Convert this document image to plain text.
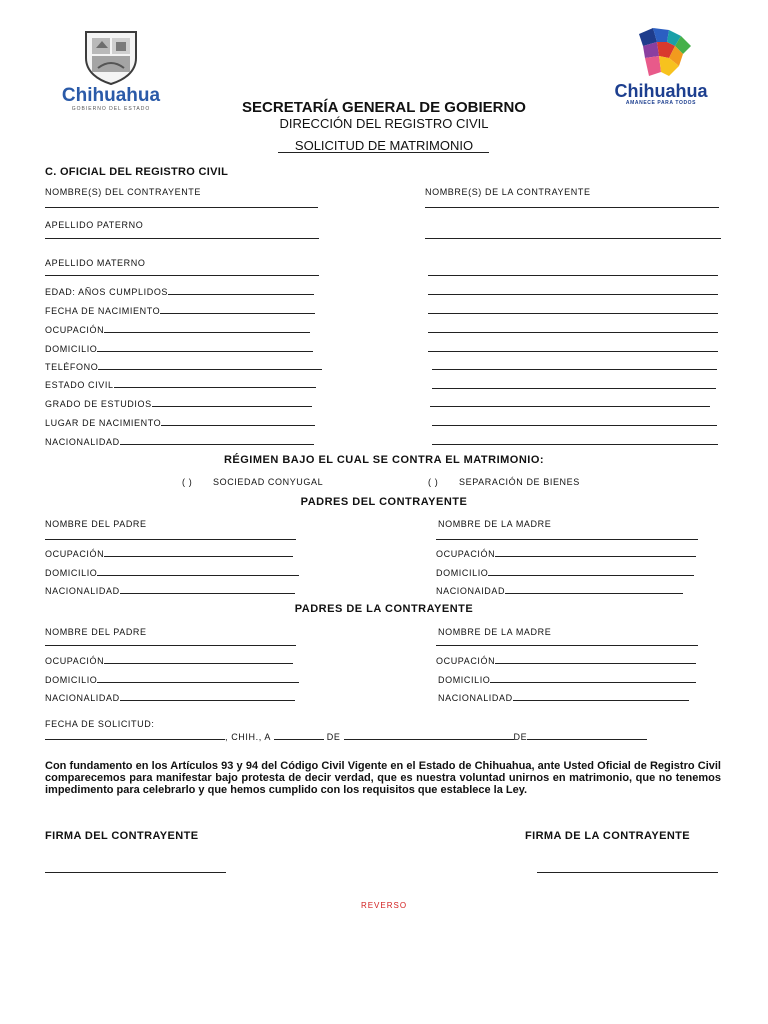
Chihuahua
GOBIERNO DEL ESTADO
Chihuahua
AMANECE PARA TODOS
SECRETARÍA GENERAL DE GOBIERNO
DIRECCIÓN DEL REGISTRO CIVIL
SOLICITUD DE MATRIMONIO
C. OFICIAL DEL REGISTRO CIVIL
NOMBRE(S) DEL CONTRAYENTE	NOMBRE(S) DE LA CONTRAYENTE
APELLIDO PATERNO
APELLIDO MATERNO
EDAD: AÑOS CUMPLIDOS
FECHA DE NACIMIENTO
OCUPACIÓN
DOMICILIO
TELÉFONO
ESTADO CIVIL
GRADO DE ESTUDIOS
LUGAR DE NACIMIENTO
NACIONALIDAD
RÉGIMEN BAJO EL CUAL SE CONTRA EL MATRIMONIO:
( ) SOCIEDAD CONYUGAL	( ) SEPARACIÓN DE BIENES
PADRES DEL CONTRAYENTE
NOMBRE DEL PADRE	NOMBRE DE LA MADRE
OCUPACIÓN	OCUPACIÓN
DOMICILIO	DOMICILIO
NACIONALIDAD	NACIONAIDAD
PADRES DE LA CONTRAYENTE
NOMBRE DEL PADRE	NOMBRE DE LA MADRE
OCUPACIÓN	OCUPACIÓN
DOMICILIO	DOMICILIO
NACIONALIDAD	NACIONALIDAD
FECHA DE SOLICITUD:
, CHIH., A	DE	DE
Con fundamento en los Artículos 93 y 94 del Código Civil Vigente en el Estado de Chihuahua, ante Usted Oficial de Registro Civil comparecemos para manifestar bajo protesta de decir verdad, que es nuestra voluntad unirnos en matrimonio, que no tenemos impedimento para celebrarlo y que hemos cumplido con los requisitos que establece la Ley.
FIRMA DEL CONTRAYENTE	FIRMA DE LA CONTRAYENTE
REVERSO
